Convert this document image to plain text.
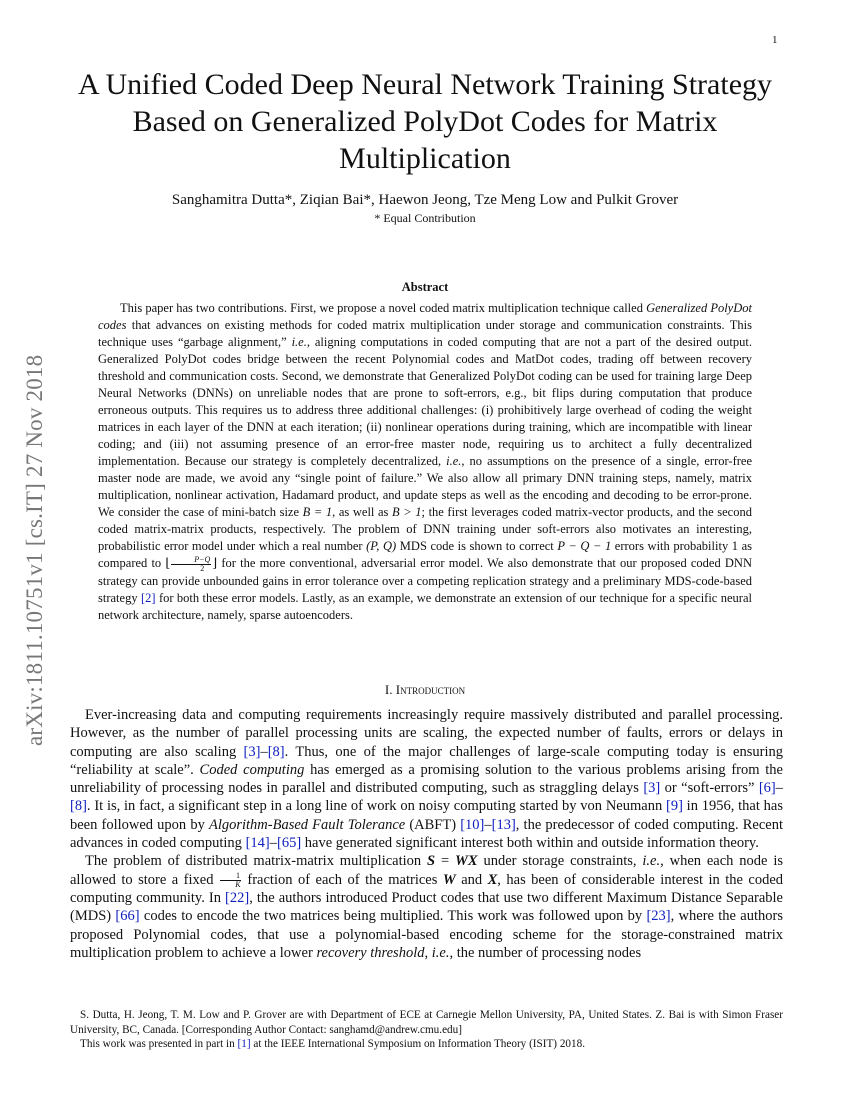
1
arXiv:1811.10751v1 [cs.IT] 27 Nov 2018
A Unified Coded Deep Neural Network Training Strategy Based on Generalized PolyDot Codes for Matrix Multiplication
Sanghamitra Dutta*, Ziqian Bai*, Haewon Jeong, Tze Meng Low and Pulkit Grover
* Equal Contribution
Abstract
This paper has two contributions. First, we propose a novel coded matrix multiplication technique called Generalized PolyDot codes that advances on existing methods for coded matrix multiplication under storage and communication constraints. This technique uses “garbage alignment,” i.e., aligning computations in coded computing that are not a part of the desired output. Generalized PolyDot codes bridge between the recent Polynomial codes and MatDot codes, trading off between recovery threshold and communication costs. Second, we demonstrate that Generalized PolyDot coding can be used for training large Deep Neural Networks (DNNs) on unreliable nodes that are prone to soft-errors, e.g., bit flips during computation that produce erroneous outputs. This requires us to address three additional challenges: (i) prohibitively large overhead of coding the weight matrices in each layer of the DNN at each iteration; (ii) nonlinear operations during training, which are incompatible with linear coding; and (iii) not assuming presence of an error-free master node, requiring us to architect a fully decentralized implementation. Because our strategy is completely decentralized, i.e., no assumptions on the presence of a single, error-free master node are made, we avoid any “single point of failure.” We also allow all primary DNN training steps, namely, matrix multiplication, nonlinear activation, Hadamard product, and update steps as well as the encoding and decoding to be error-prone. We consider the case of mini-batch size B = 1, as well as B > 1; the first leverages coded matrix-vector products, and the second coded matrix-matrix products, respectively. The problem of DNN training under soft-errors also motivates an interesting, probabilistic error model under which a real number (P, Q) MDS code is shown to correct P − Q − 1 errors with probability 1 as compared to ⌊ $\frac{P-Q}{2}$ ⌋ for the more conventional, adversarial error model. We also demonstrate that our proposed coded DNN strategy can provide unbounded gains in error tolerance over a competing replication strategy and a preliminary MDS-code-based strategy [2] for both these error models. Lastly, as an example, we demonstrate an extension of our technique for a specific neural network architecture, namely, sparse autoencoders.
I. Introduction

Ever-increasing data and computing requirements increasingly require massively distributed and parallel processing. However, as the number of parallel processing units are scaling, the expected number of faults, errors or delays in computing are also scaling [3]–[8]. Thus, one of the major challenges of large-scale computing today is ensuring “reliability at scale”. Coded computing has emerged as a promising solution to the various problems arising from the unreliability of processing nodes in parallel and distributed computing, such as straggling delays [3] or “soft-errors” [6]–[8]. It is, in fact, a significant step in a long line of work on noisy computing started by von Neumann [9] in 1956, that has been followed upon by Algorithm-Based Fault Tolerance (ABFT) [10]–[13], the predecessor of coded computing. Recent advances in coded computing [14]–[65] have generated significant interest both within and outside information theory.

The problem of distributed matrix-matrix multiplication S = WX under storage constraints, i.e., when each node is allowed to store a fixed $\frac{1}{K}$ fraction of each of the matrices W and X, has been of considerable interest in the coded computing community. In [22], the authors introduced Product codes that use two different Maximum Distance Separable (MDS) [66] codes to encode the two matrices being multiplied. This work was followed upon by [23], where the authors proposed Polynomial codes, that use a polynomial-based encoding scheme for the storage-constrained matrix multiplication problem to achieve a lower recovery threshold, i.e., the number of processing nodes

S. Dutta, H. Jeong, T. M. Low and P. Grover are with Department of ECE at Carnegie Mellon University, PA, United States. Z. Bai is with Simon Fraser University, BC, Canada. [Corresponding Author Contact: sanghamd@andrew.cmu.edu]

This work was presented in part in [1] at the IEEE International Symposium on Information Theory (ISIT) 2018.
